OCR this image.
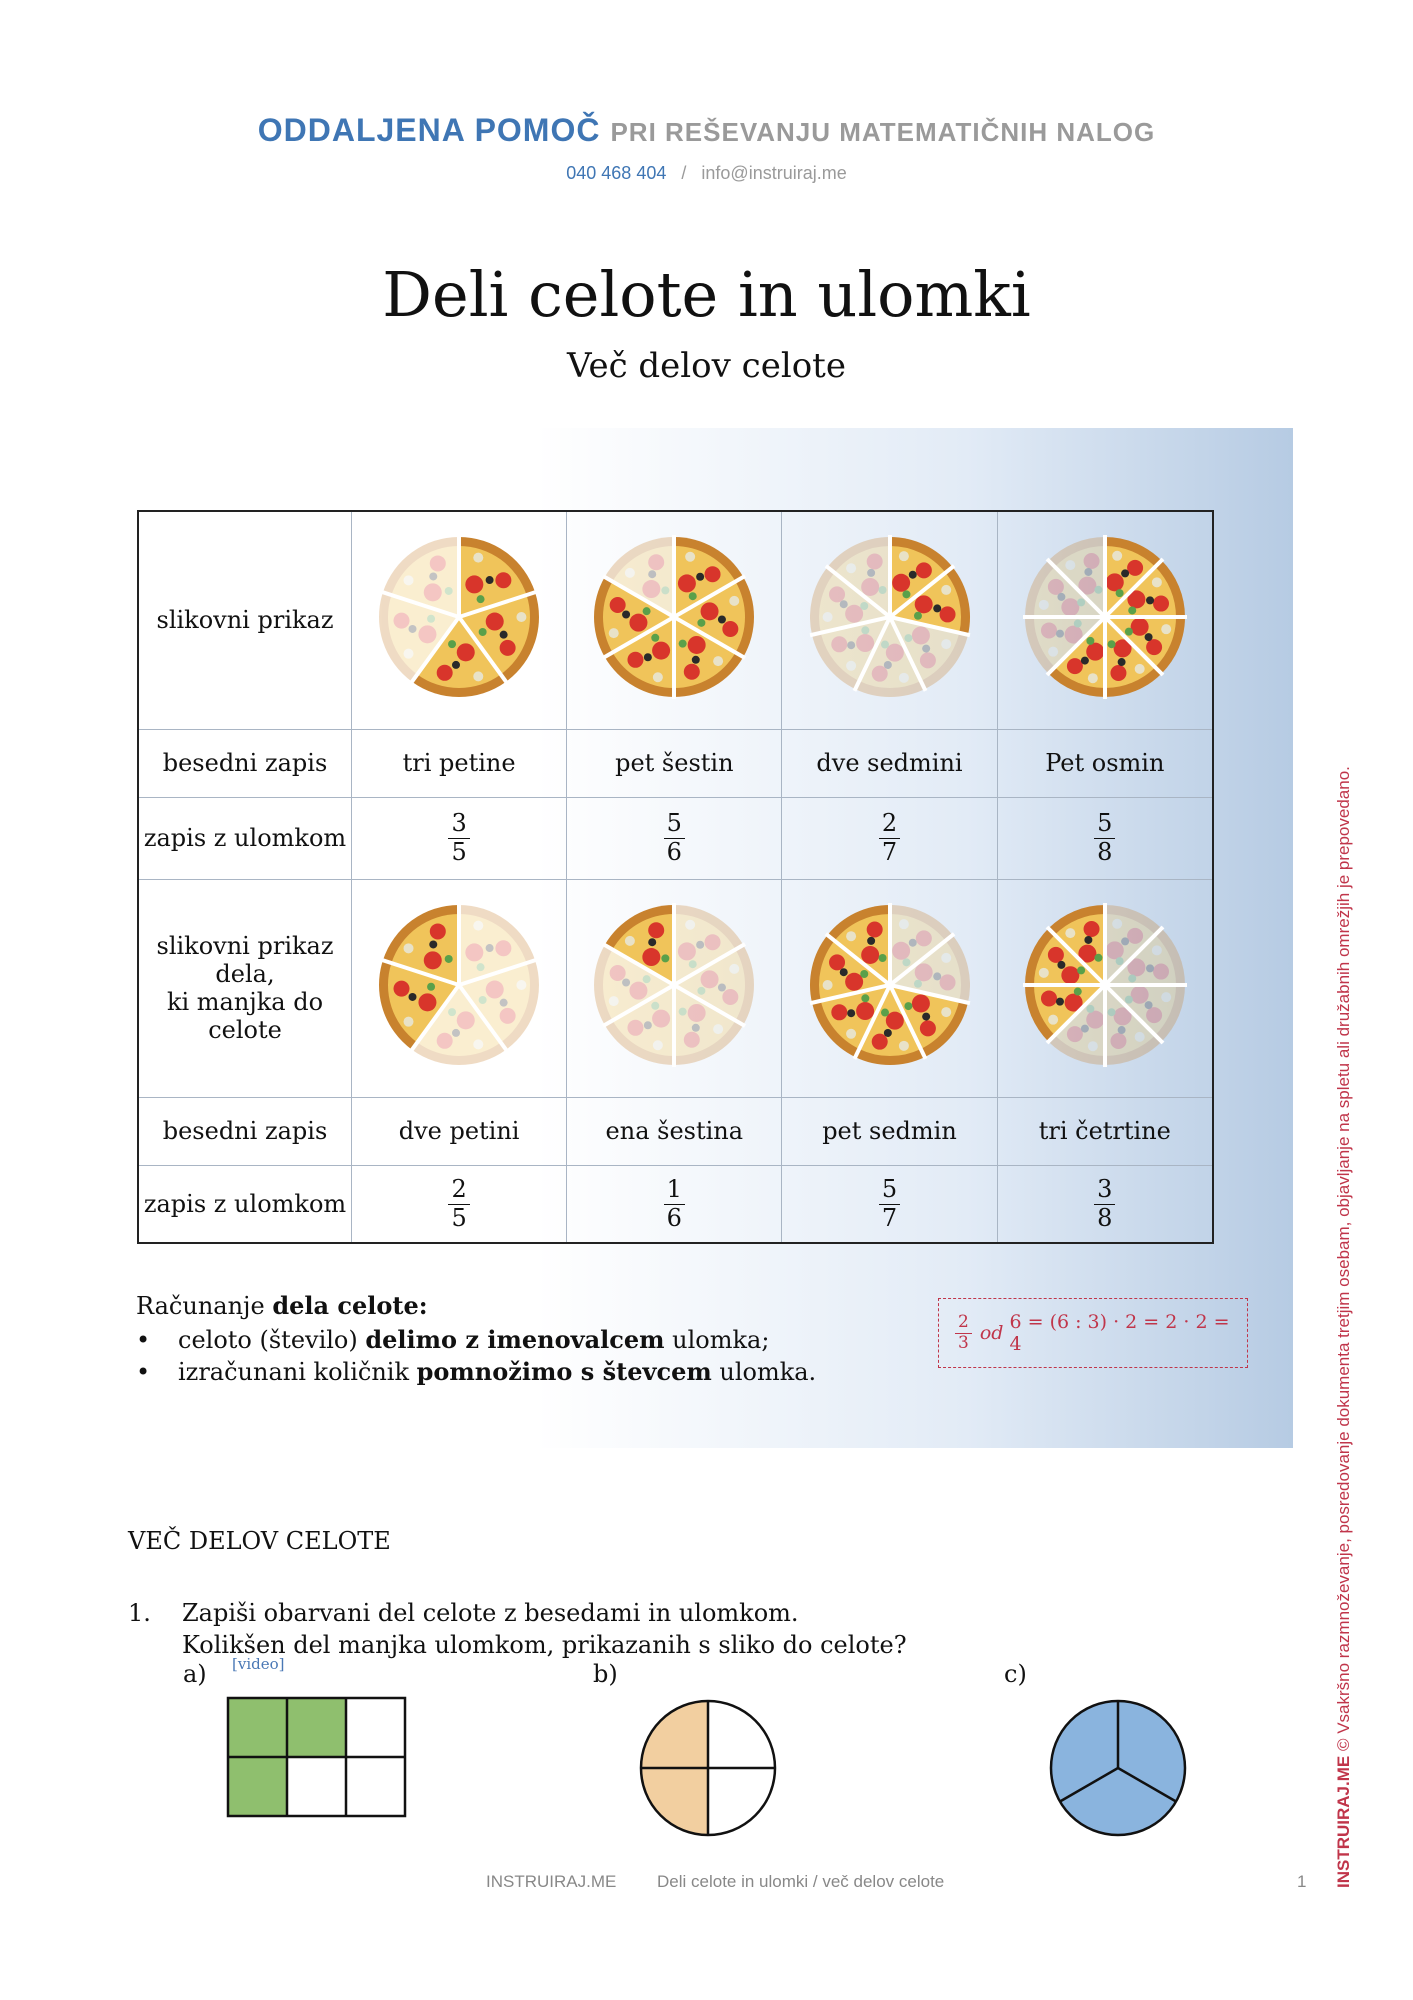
ODDALJENA POMOČ PRI REŠEVANJU MATEMATIČNIH NALOG
040 468 404 / info@instruiraj.me
Deli celote in ulomki
Več delov celote
slikovni prikaz				
besedni zapis	tri petine	pet šestin	dve sedmini	Pet osmin
zapis z ulomkom	$\frac{3}{5}$	$\frac{5}{6}$	$\frac{2}{7}$	$\frac{5}{8}$

slikovni prikaz
dela,
ki manjka do
celote				
besedni zapis	dve petini	ena šestina	pet sedmin	tri četrtine
zapis z ulomkom	$\frac{2}{5}$	$\frac{1}{6}$	$\frac{5}{7}$	$\frac{3}{8}$
Računanje dela celote:
• celoto (število) delimo z imenovalcem ulomka;
• izračunani količnik pomnožimo s števcem ulomka.
$\frac{2}{3}$ od
6 = (6 : 3) · 2 = 2 · 2 = 4
VEČ DELOV CELOTE
1. Zapiši obarvani del celote z besedami in ulomkom.
Kolikšen del manjka ulomkom, prikazanih s sliko do celote?
[video]
a)	b)	c)
INSTRUIRAJ.ME Deli celote in ulomki / več delov celote	1 INSTRUIRAJ.ME © Vsakršno razmnoževanje, posredovanje dokumenta tretjim osebam, objavljanje na spletu ali družabnih omrežjih je prepovedano.
